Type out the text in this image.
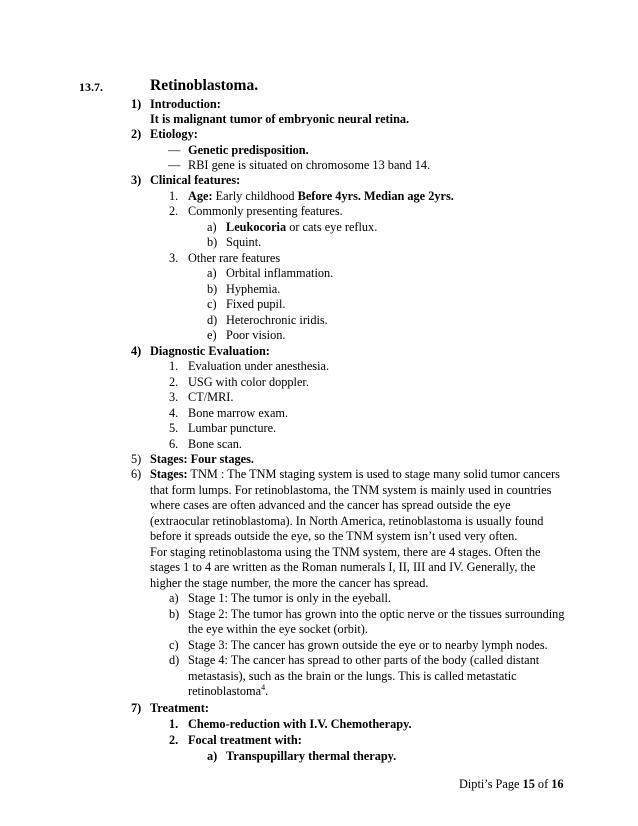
13.7.	Retinoblastoma.
1) Introduction:
It is malignant tumor of embryonic neural retina.
2) Etiology:
— Genetic predisposition.
— RBI gene is situated on chromosome 13 band 14.
3) Clinical features:
1. Age: Early childhood Before 4yrs. Median age 2yrs.
2. Commonly presenting features.
a) Leukocoria or cats eye reflux.
b) Squint.
3. Other rare features
a) Orbital inflammation.
b) Hyphemia.
c) Fixed pupil.
d) Heterochronic iridis.
e) Poor vision.
4) Diagnostic Evaluation:
1. Evaluation under anesthesia.
2. USG with color doppler.
3. CT/MRI.
4. Bone marrow exam.
5. Lumbar puncture.
6. Bone scan.
5) Stages: Four stages.
6) Stages: TNM : The TNM staging system is used to stage many solid tumor cancers
that form lumps. For retinoblastoma, the TNM system is mainly used in countries
where cases are often advanced and the cancer has spread outside the eye
(extraocular retinoblastoma). In North America, retinoblastoma is usually found
before it spreads outside the eye, so the TNM system isn’t used very often.
For staging retinoblastoma using the TNM system, there are 4 stages. Often the
stages 1 to 4 are written as the Roman numerals I, II, III and IV. Generally, the
higher the stage number, the more the cancer has spread.
a) Stage 1: The tumor is only in the eyeball.
b) Stage 2: The tumor has grown into the optic nerve or the tissues surrounding
the eye within the eye socket (orbit).
c) Stage 3: The cancer has grown outside the eye or to nearby lymph nodes.
d) Stage 4: The cancer has spread to other parts of the body (called distant
metastasis), such as the brain or the lungs. This is called metastatic
retinoblastoma$^4$.
7) Treatment:
1. Chemo-reduction with I.V. Chemotherapy.
2. Focal treatment with:
a) Transpupillary thermal therapy.
Dipti’s Page 15 of 16
